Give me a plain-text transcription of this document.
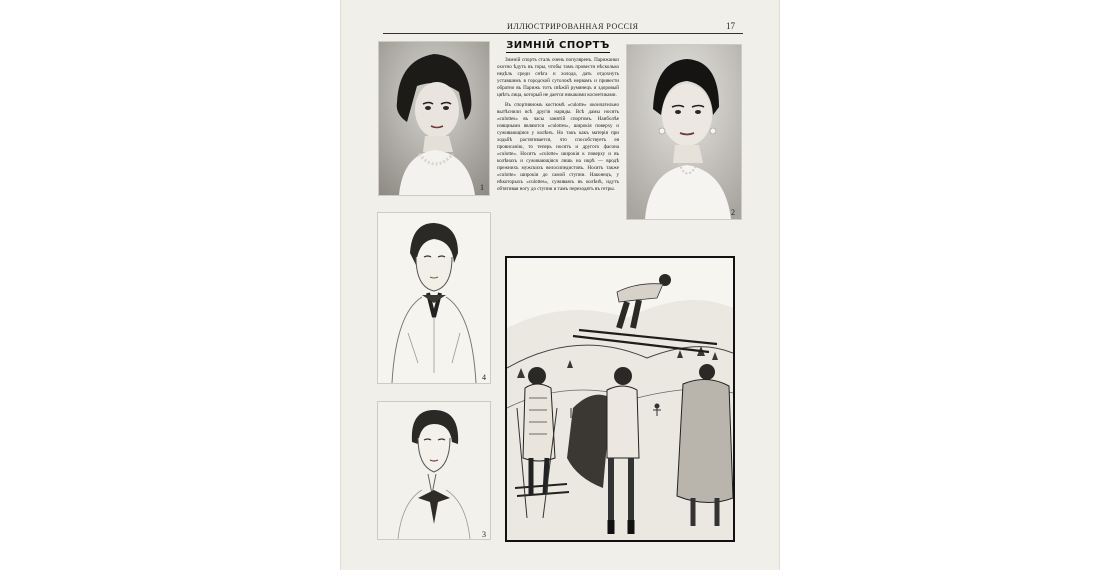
ИЛЛЮСТРИРОВАННАЯ РОССІЯ	17
1
ЗИМНІЙ СПОРТЪ

Зимній спортъ сталъ очень популяренъ. Парижанки охотно ѣдутъ въ горы, чтобы тамъ провести нѣсколько недѣль среди снѣга и холода, дать отдохнуть уставшимъ в городской сутолокѣ нервамъ и привести обратно въ Парижъ тотъ свѣжій румянецъ и здоровый цвѣтъ лица, который не дается никакими косметиками.

Въ спортивномъ костюмѣ «culotte» окончательно вытѣснили всѣ другія наряды. Всѣ дамы носятъ «culottes» въ часы занятій спортомъ. Наиболѣе изящными являются «culottes», широкія поверху и суживающіяся у колѣнъ. Но такъ какъ матерія при ходьбѣ растягивается, что способствуетъ ея провисанію, то теперь носятъ и другого фасона «culotte». Носятъ «culotte» широкія к поверху и въ колѣнахъ и суживающіяся лишь на икрѣ — вродѣ прежнихъ мужскихъ велосипедистовъ. Носятъ также «culotte» широкія до самой ступни. Наконецъ, у нѣкоторыхъ «culottes», суживаясь въ колѣнѣ, идутъ обтягивая ногу до ступни и тамъ переходятъ въ гетры.

2
4
3
